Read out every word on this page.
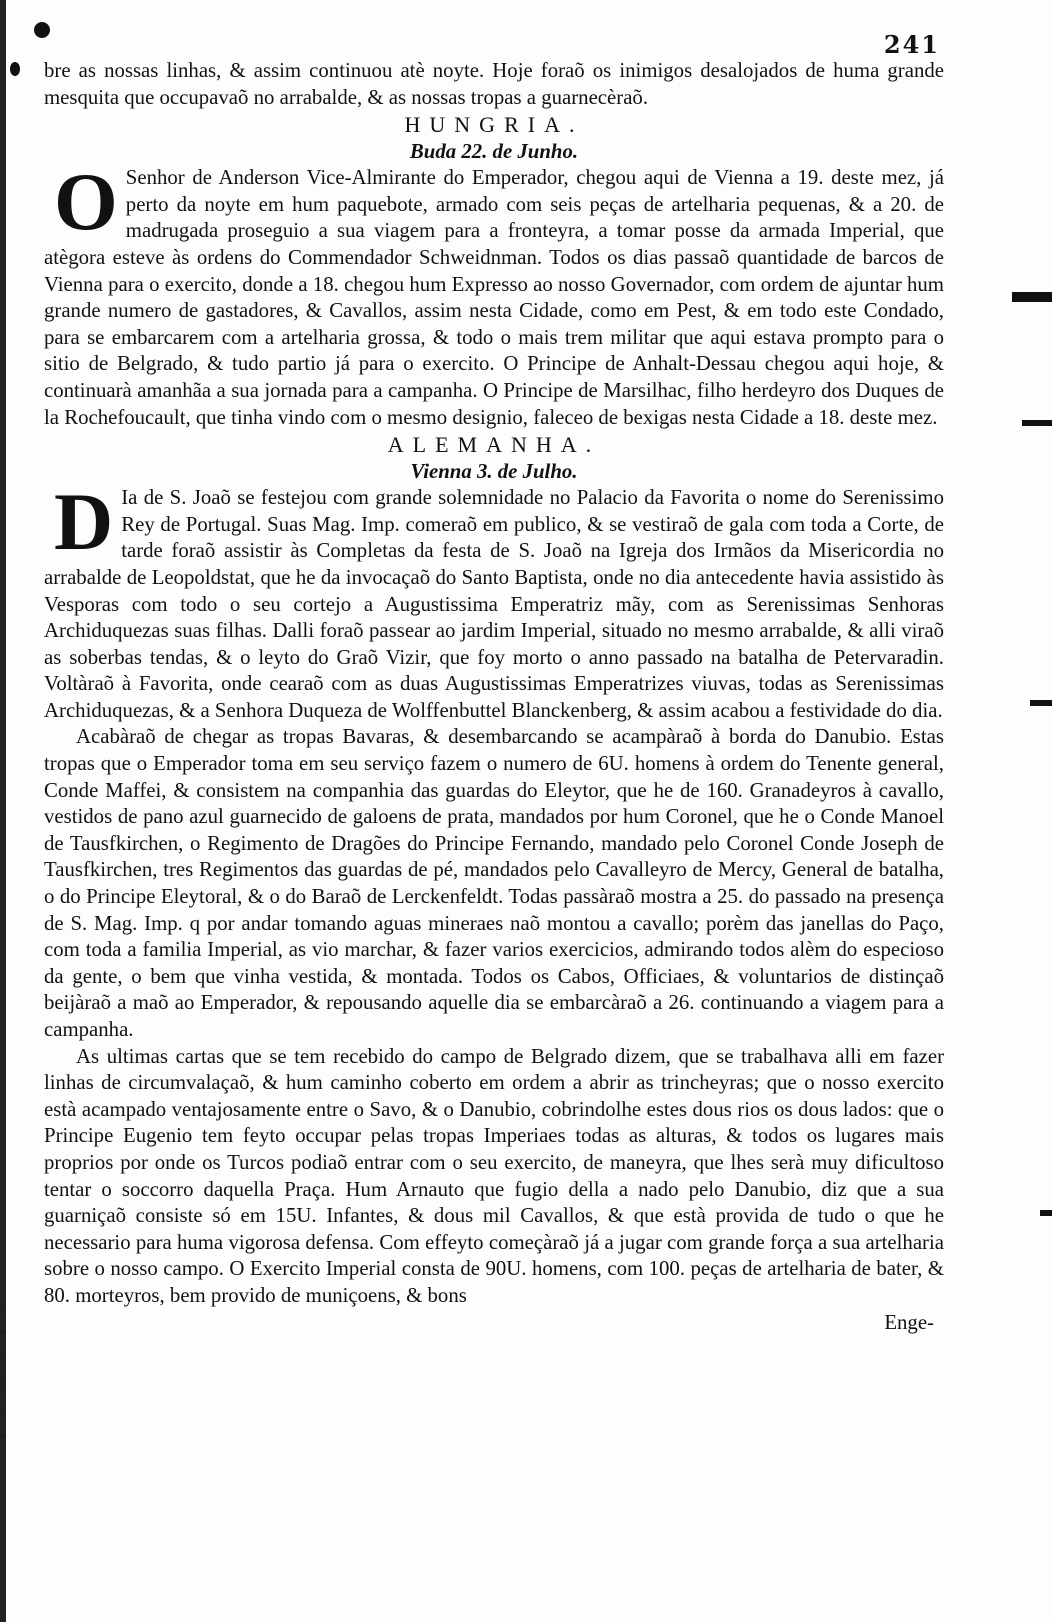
241

bre as nossas linhas, & assim continuou atè noyte. Hoje foraõ os inimigos desalojados de huma grande mesquita que occupavaõ no arrabalde, & as nossas tropas a guarnecèraõ.

HUNGRIA.

Buda 22. de Junho.

O Senhor de Anderson Vice-Almirante do Emperador, chegou aqui de Vienna a 19. deste mez, já perto da noyte em hum paquebote, armado com seis peças de artelharia pequenas, & a 20. de madrugada proseguio a sua viagem para a fronteyra, a tomar posse da armada Imperial, que atègora esteve às ordens do Commendador Schweidnman. Todos os dias passaõ quantidade de barcos de Vienna para o exercito, donde a 18. chegou hum Expresso ao nosso Governador, com ordem de ajuntar hum grande numero de gastadores, & Cavallos, assim nesta Cidade, como em Pest, & em todo este Condado, para se embarcarem com a artelharia grossa, & todo o mais trem militar que aqui estava prompto para o sitio de Belgrado, & tudo partio já para o exercito. O Principe de Anhalt-Dessau chegou aqui hoje, & continuarà amanhãa a sua jornada para a campanha. O Principe de Marsilhac, filho herdeyro dos Duques de la Rochefoucault, que tinha vindo com o mesmo designio, faleceo de bexigas nesta Cidade a 18. deste mez.

ALEMANHA.

Vienna 3. de Julho.

D Ia de S. Joaõ se festejou com grande solemnidade no Palacio da Favorita o nome do Serenissimo Rey de Portugal. Suas Mag. Imp. comeraõ em publico, & se vestiraõ de gala com toda a Corte, de tarde foraõ assistir às Completas da festa de S. Joaõ na Igreja dos Irmãos da Misericordia no arrabalde de Leopoldstat, que he da invocaçaõ do Santo Baptista, onde no dia antecedente havia assistido às Vesporas com todo o seu cortejo a Augustissima Emperatriz mãy, com as Serenissimas Senhoras Archiduquezas suas filhas. Dalli foraõ passear ao jardim Imperial, situado no mesmo arrabalde, & alli viraõ as soberbas tendas, & o leyto do Graõ Vizir, que foy morto o anno passado na batalha de Petervaradin. Voltàraõ à Favorita, onde cearaõ com as duas Augustissimas Emperatrizes viuvas, todas as Serenissimas Archiduquezas, & a Senhora Duqueza de Wolffenbuttel Blanckenberg, & assim acabou a festividade do dia.

Acabàraõ de chegar as tropas Bavaras, & desembarcando se acampàraõ à borda do Danubio. Estas tropas que o Emperador toma em seu serviço fazem o numero de 6U. homens à ordem do Tenente general, Conde Maffei, & consistem na companhia das guardas do Eleytor, que he de 160. Granadeyros à cavallo, vestidos de pano azul guarnecido de galoens de prata, mandados por hum Coronel, que he o Conde Manoel de Tausfkirchen, o Regimento de Dragões do Principe Fernando, mandado pelo Coronel Conde Joseph de Tausfkirchen, tres Regimentos das guardas de pé, mandados pelo Cavalleyro de Mercy, General de batalha, o do Principe Eleytoral, & o do Baraõ de Lerckenfeldt. Todas passàraõ mostra a 25. do passado na presença de S. Mag. Imp. q por andar tomando aguas mineraes naõ montou a cavallo; porèm das janellas do Paço, com toda a familia Imperial, as vio marchar, & fazer varios exercicios, admirando todos alèm do especioso da gente, o bem que vinha vestida, & montada. Todos os Cabos, Officiaes, & voluntarios de distinçaõ beijàraõ a maõ ao Emperador, & repousando aquelle dia se embarcàraõ a 26. continuando a viagem para a campanha.

As ultimas cartas que se tem recebido do campo de Belgrado dizem, que se trabalhava alli em fazer linhas de circumvalaçaõ, & hum caminho coberto em ordem a abrir as trincheyras; que o nosso exercito està acampado ventajosamente entre o Savo, & o Danubio, cobrindolhe estes dous rios os dous lados: que o Principe Eugenio tem feyto occupar pelas tropas Imperiaes todas as alturas, & todos os lugares mais proprios por onde os Turcos podiaõ entrar com o seu exercito, de maneyra, que lhes serà muy dificultoso tentar o soccorro daquella Praça. Hum Arnauto que fugio della a nado pelo Danubio, diz que a sua guarniçaõ consiste só em 15U. Infantes, & dous mil Cavallos, & que està provida de tudo o que he necessario para huma vigorosa defensa. Com effeyto começàraõ já a jugar com grande força a sua artelharia sobre o nosso campo. O Exercito Imperial consta de 90U. homens, com 100. peças de artelharia de bater, & 80. morteyros, bem provido de muniçoens, & bons

Enge-

.
.
.
.
.
.
